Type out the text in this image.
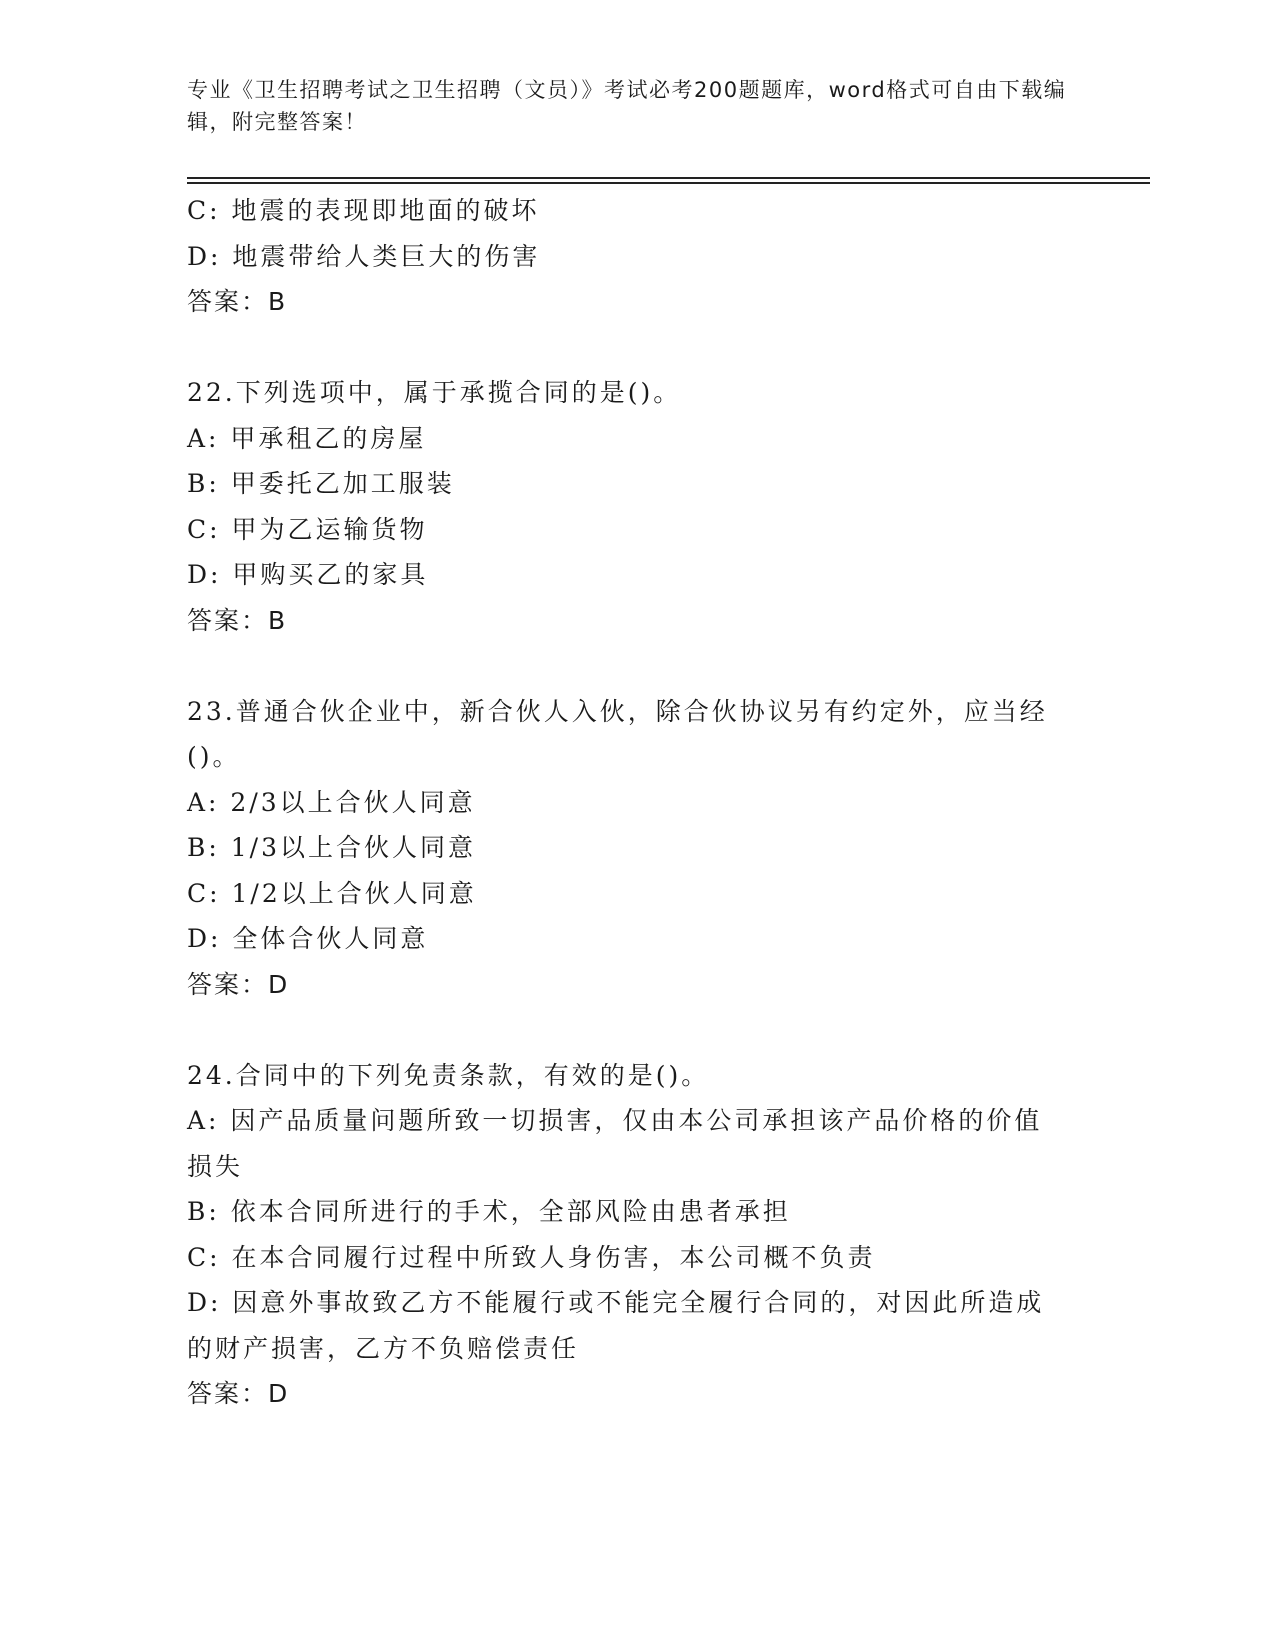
专业《卫生招聘考试之卫生招聘（文员）》考试必考200题题库，word格式可自由下载编辑，附完整答案！
C: 地震的表现即地面的破坏
D: 地震带给人类巨大的伤害
答案：B
22.下列选项中，属于承揽合同的是()。
A: 甲承租乙的房屋
B: 甲委托乙加工服装
C: 甲为乙运输货物
D: 甲购买乙的家具
答案：B
23.普通合伙企业中，新合伙人入伙，除合伙协议另有约定外，应当经()。
A: 2/3以上合伙人同意
B: 1/3以上合伙人同意
C: 1/2以上合伙人同意
D: 全体合伙人同意
答案：D
24.合同中的下列免责条款，有效的是()。
A: 因产品质量问题所致一切损害，仅由本公司承担该产品价格的价值损失
B: 依本合同所进行的手术，全部风险由患者承担
C: 在本合同履行过程中所致人身伤害，本公司概不负责
D: 因意外事故致乙方不能履行或不能完全履行合同的，对因此所造成的财产损害，乙方不负赔偿责任
答案：D
